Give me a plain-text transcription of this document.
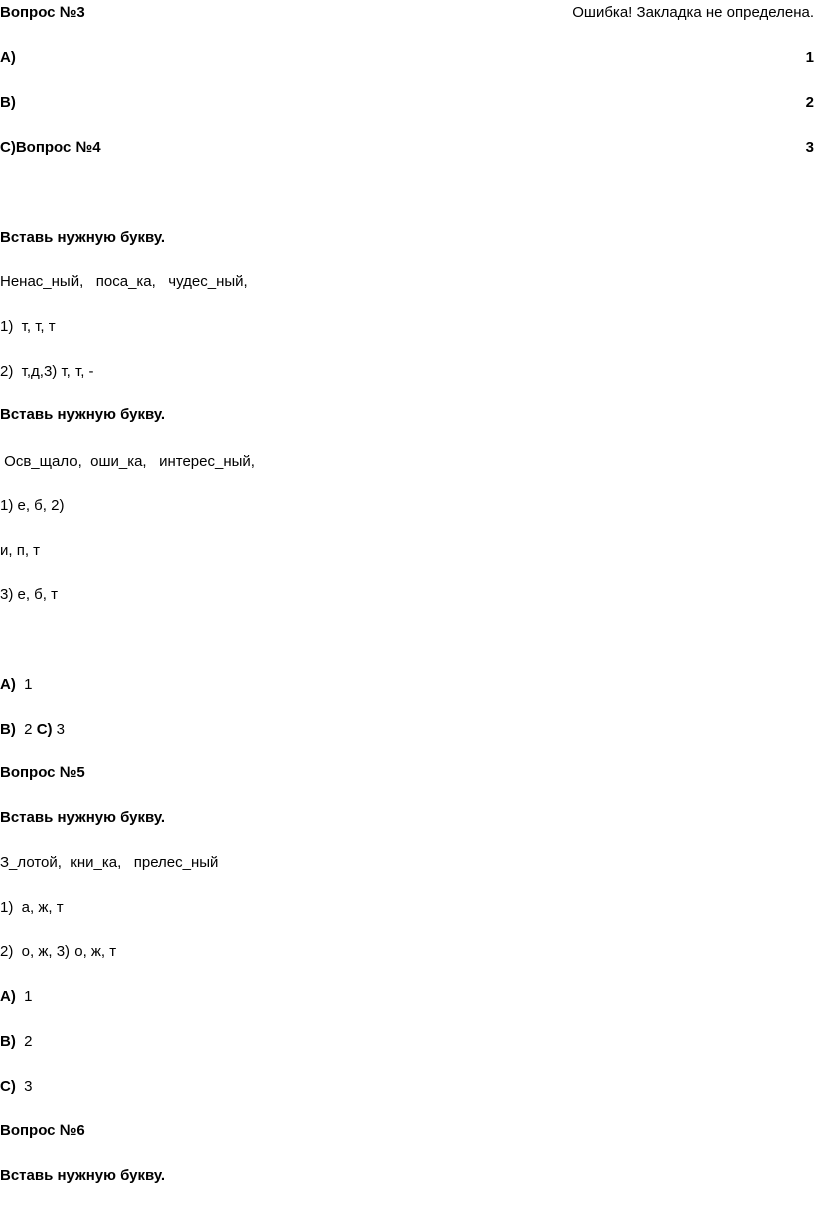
Вопрос №3	Ошибка! Закладка не определена.
A)	1
B)	2
C)Вопрос №4	3
Вставь нужную букву.
Ненас_ный,   поса_ка,   чудес_ный,
1)  т, т, т
2)  т,д,3) т, т, -
Вставь нужную букву.
Осв_щало,  оши_ка,   интерес_ный,
1) е, б, 2)
и, п, т
3) е, б, т
A)  1
B)  2 C) 3
Вопрос №5
Вставь нужную букву.
З_лотой,  кни_ка,   прелес_ный
1)  а, ж, т
2)  о, ж, 3) о, ж, т
A)  1
B)  2
C)  3
Вопрос №6
Вставь нужную букву.
